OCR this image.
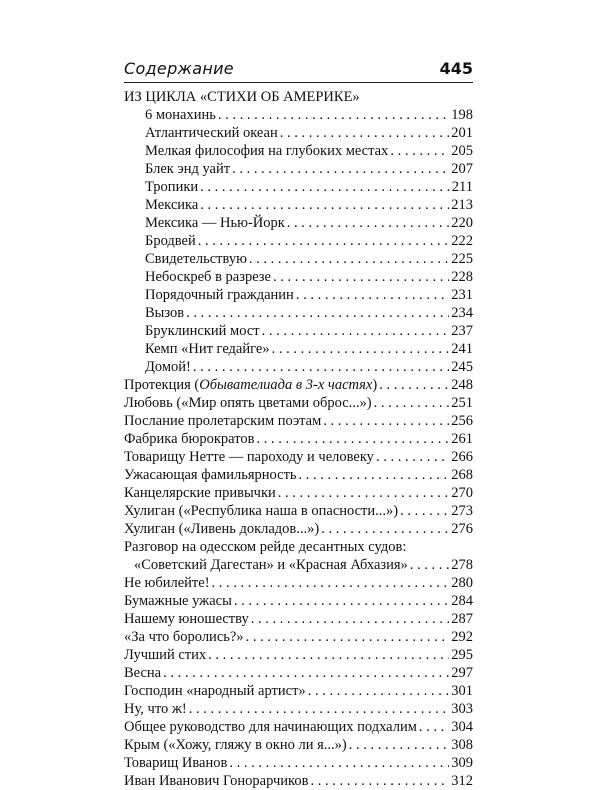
Содержание	445
ИЗ ЦИКЛА «СТИХИ ОБ АМЕРИКЕ»
6 монахинь . . .	198
Атлантический океан . . .	201
Мелкая философия на глубоких местах . . .	205
Блек энд уайт . . .	207
Тропики . . .	211
Мексика . . .	213
Мексика — Нью-Йорк . . .	220
Бродвей . . .	222
Свидетельствую . . .	225
Небоскреб в разрезе . . .	228
Порядочный гражданин . . .	231
Вызов . . .	234
Бруклинский мост . . .	237
Кемп «Нит гедайге» . . .	241
Домой! . . .	245
Протекция (Обывателиада в 3-х частях) . . .	248
Любовь («Мир опять цветами оброс...») . . .	251
Послание пролетарским поэтам . . .	256
Фабрика бюрократов . . .	261
Товарищу Нетте — пароходу и человеку . . .	266
Ужасающая фамильярность . . .	268
Канцелярские привычки . . .	270
Хулиган («Республика наша в опасности...») . . .	273
Хулиган («Ливень докладов...») . . .	276
Разговор на одесском рейде десантных судов:
«Советский Дагестан» и «Красная Абхазия» . . .	278
Не юбилейте! . . .	280
Бумажные ужасы . . .	284
Нашему юношеству . . .	287
«За что боролись?» . . .	292
Лучший стих . . .	295
Весна . . .	297
Господин «народный артист» . . .	301
Ну, что ж! . . .	303
Общее руководство для начинающих подхалим . . . 304
Крым («Хожу, гляжу в окно ли я...») . . .	308
Товарищ Иванов . . .	309
Иван Иванович Гонорарчиков . . .	312
